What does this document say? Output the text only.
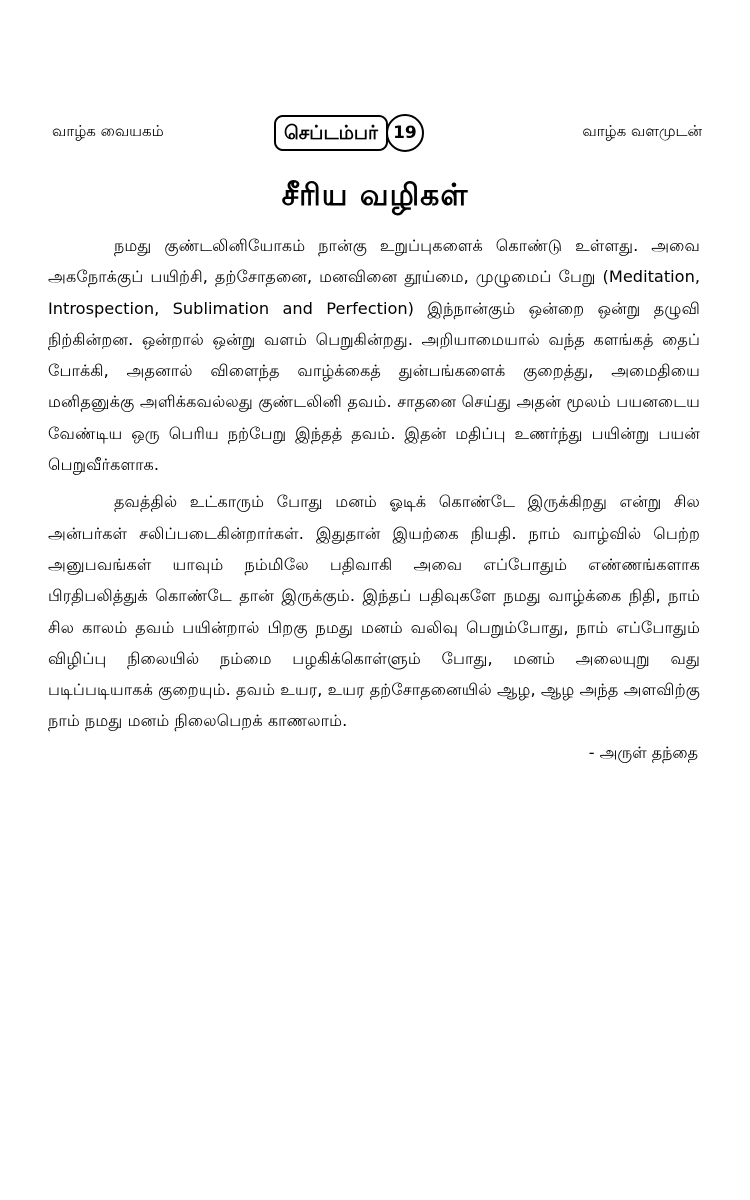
வாழ்க வையகம்	செப்டம்பர் 19	வாழ்க வளமுடன்
சீரிய வழிகள்

நமது குண்டலினியோகம் நான்கு உறுப்புகளைக் கொண்டு உள்ளது. அவை அகநோக்குப் பயிற்சி, தற்சோதனை, மனவினை தூய்மை, முழுமைப் பேறு (Meditation, Introspection, Sublimation and Perfection) இந்நான்கும் ஒன்றை ஒன்று தழுவி நிற்கின்றன. ஒன்றால் ஒன்று வளம் பெறுகின்றது. அறியாமையால் வந்த களங்கத் தைப் போக்கி, அதனால் விளைந்த வாழ்க்கைத் துன்பங்களைக் குறைத்து, அமைதியை மனிதனுக்கு அளிக்கவல்லது குண்டலினி தவம். சாதனை செய்து அதன் மூலம் பயனடைய வேண்டிய ஒரு பெரிய நற்பேறு இந்தத் தவம். இதன் மதிப்பு உணர்ந்து பயின்று பயன் பெறுவீர்களாக.

தவத்தில் உட்காரும் போது மனம் ஓடிக் கொண்டே இருக்கிறது என்று சில அன்பர்கள் சலிப்படைகின்றார்கள். இதுதான் இயற்கை நியதி. நாம் வாழ்வில் பெற்ற அனுபவங்கள் யாவும் நம்மிலே பதிவாகி அவை எப்போதும் எண்ணங்களாக பிரதிபலித்துக் கொண்டே தான் இருக்கும். இந்தப் பதிவுகளே நமது வாழ்க்கை நிதி, நாம் சில காலம் தவம் பயின்றால் பிறகு நமது மனம் வலிவு பெறும்போது, நாம் எப்போதும் விழிப்பு நிலையில் நம்மை பழகிக்கொள்ளும் போது, மனம் அலையுறு வது படிப்படியாகக் குறையும். தவம் உயர, உயர தற்சோதனையில் ஆழ, ஆழ அந்த அளவிற்கு நாம் நமது மனம் நிலைபெறக் காணலாம்.

- அருள் தந்தை
